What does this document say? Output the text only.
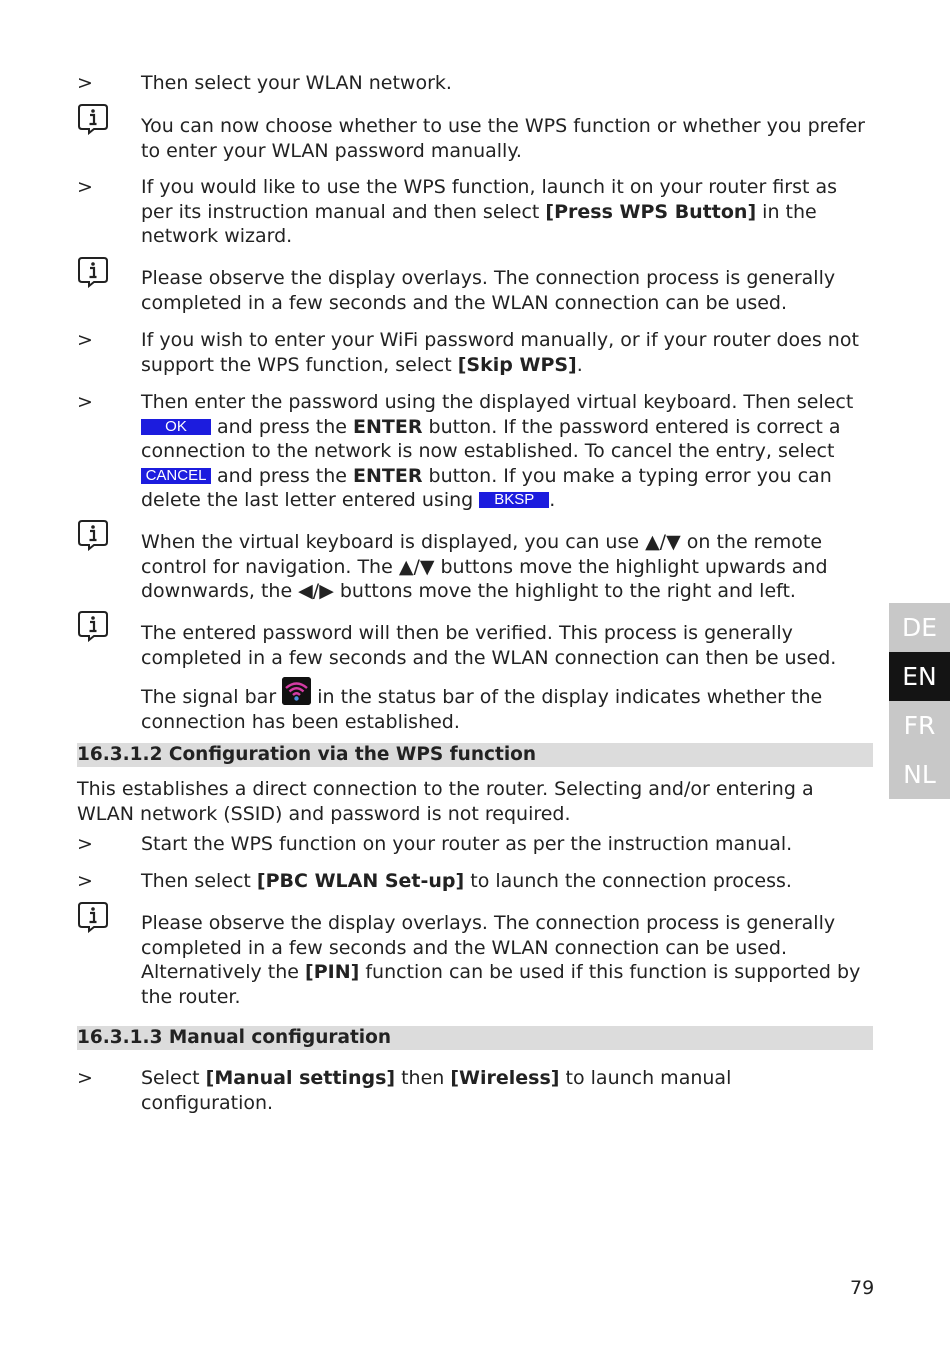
>	Then select your WLAN network.
You can now choose whether to use the WPS function or whether you prefer to enter your WLAN password manually.
>	If you would like to use the WPS function, launch it on your router first as per its instruction manual and then select [Press WPS Button] in the network wizard.
Please observe the display overlays. The connection process is generally completed in a few seconds and the WLAN connection can be used.
>	If you wish to enter your WiFi password manually, or if your router does not support the WPS function, select [Skip WPS].
>	Then enter the password using the displayed virtual keyboard. Then select OK and press the ENTER button. If the password entered is correct a connection to the network is now established. To cancel the entry, select CANCEL and press the ENTER button. If you make a typing error you can delete the last letter entered using BKSP .
When the virtual keyboard is displayed, you can use ▲/▼ on the remote control for navigation. The ▲/▼ buttons move the highlight upwards and downwards, the ◀/▶ buttons move the highlight to the right and left.
The entered password will then be verified. This process is generally completed in a few seconds and the WLAN connection can then be used.
The signal bar  in the status bar of the display indicates whether the connection has been established.
16.3.1.2 Configuration via the WPS function
This establishes a direct connection to the router. Selecting and/or entering a WLAN network (SSID) and password is not required.
>	Start the WPS function on your router as per the instruction manual.
>	Then select [PBC WLAN Set-up] to launch the connection process.
Please observe the display overlays. The connection process is generally completed in a few seconds and the WLAN connection can be used. Alternatively the [PIN] function can be used if this function is supported by the router.
16.3.1.3 Manual configuration
>	Select [Manual settings] then [Wireless] to launch manual configuration.
DE
EN
FR
NL
79
